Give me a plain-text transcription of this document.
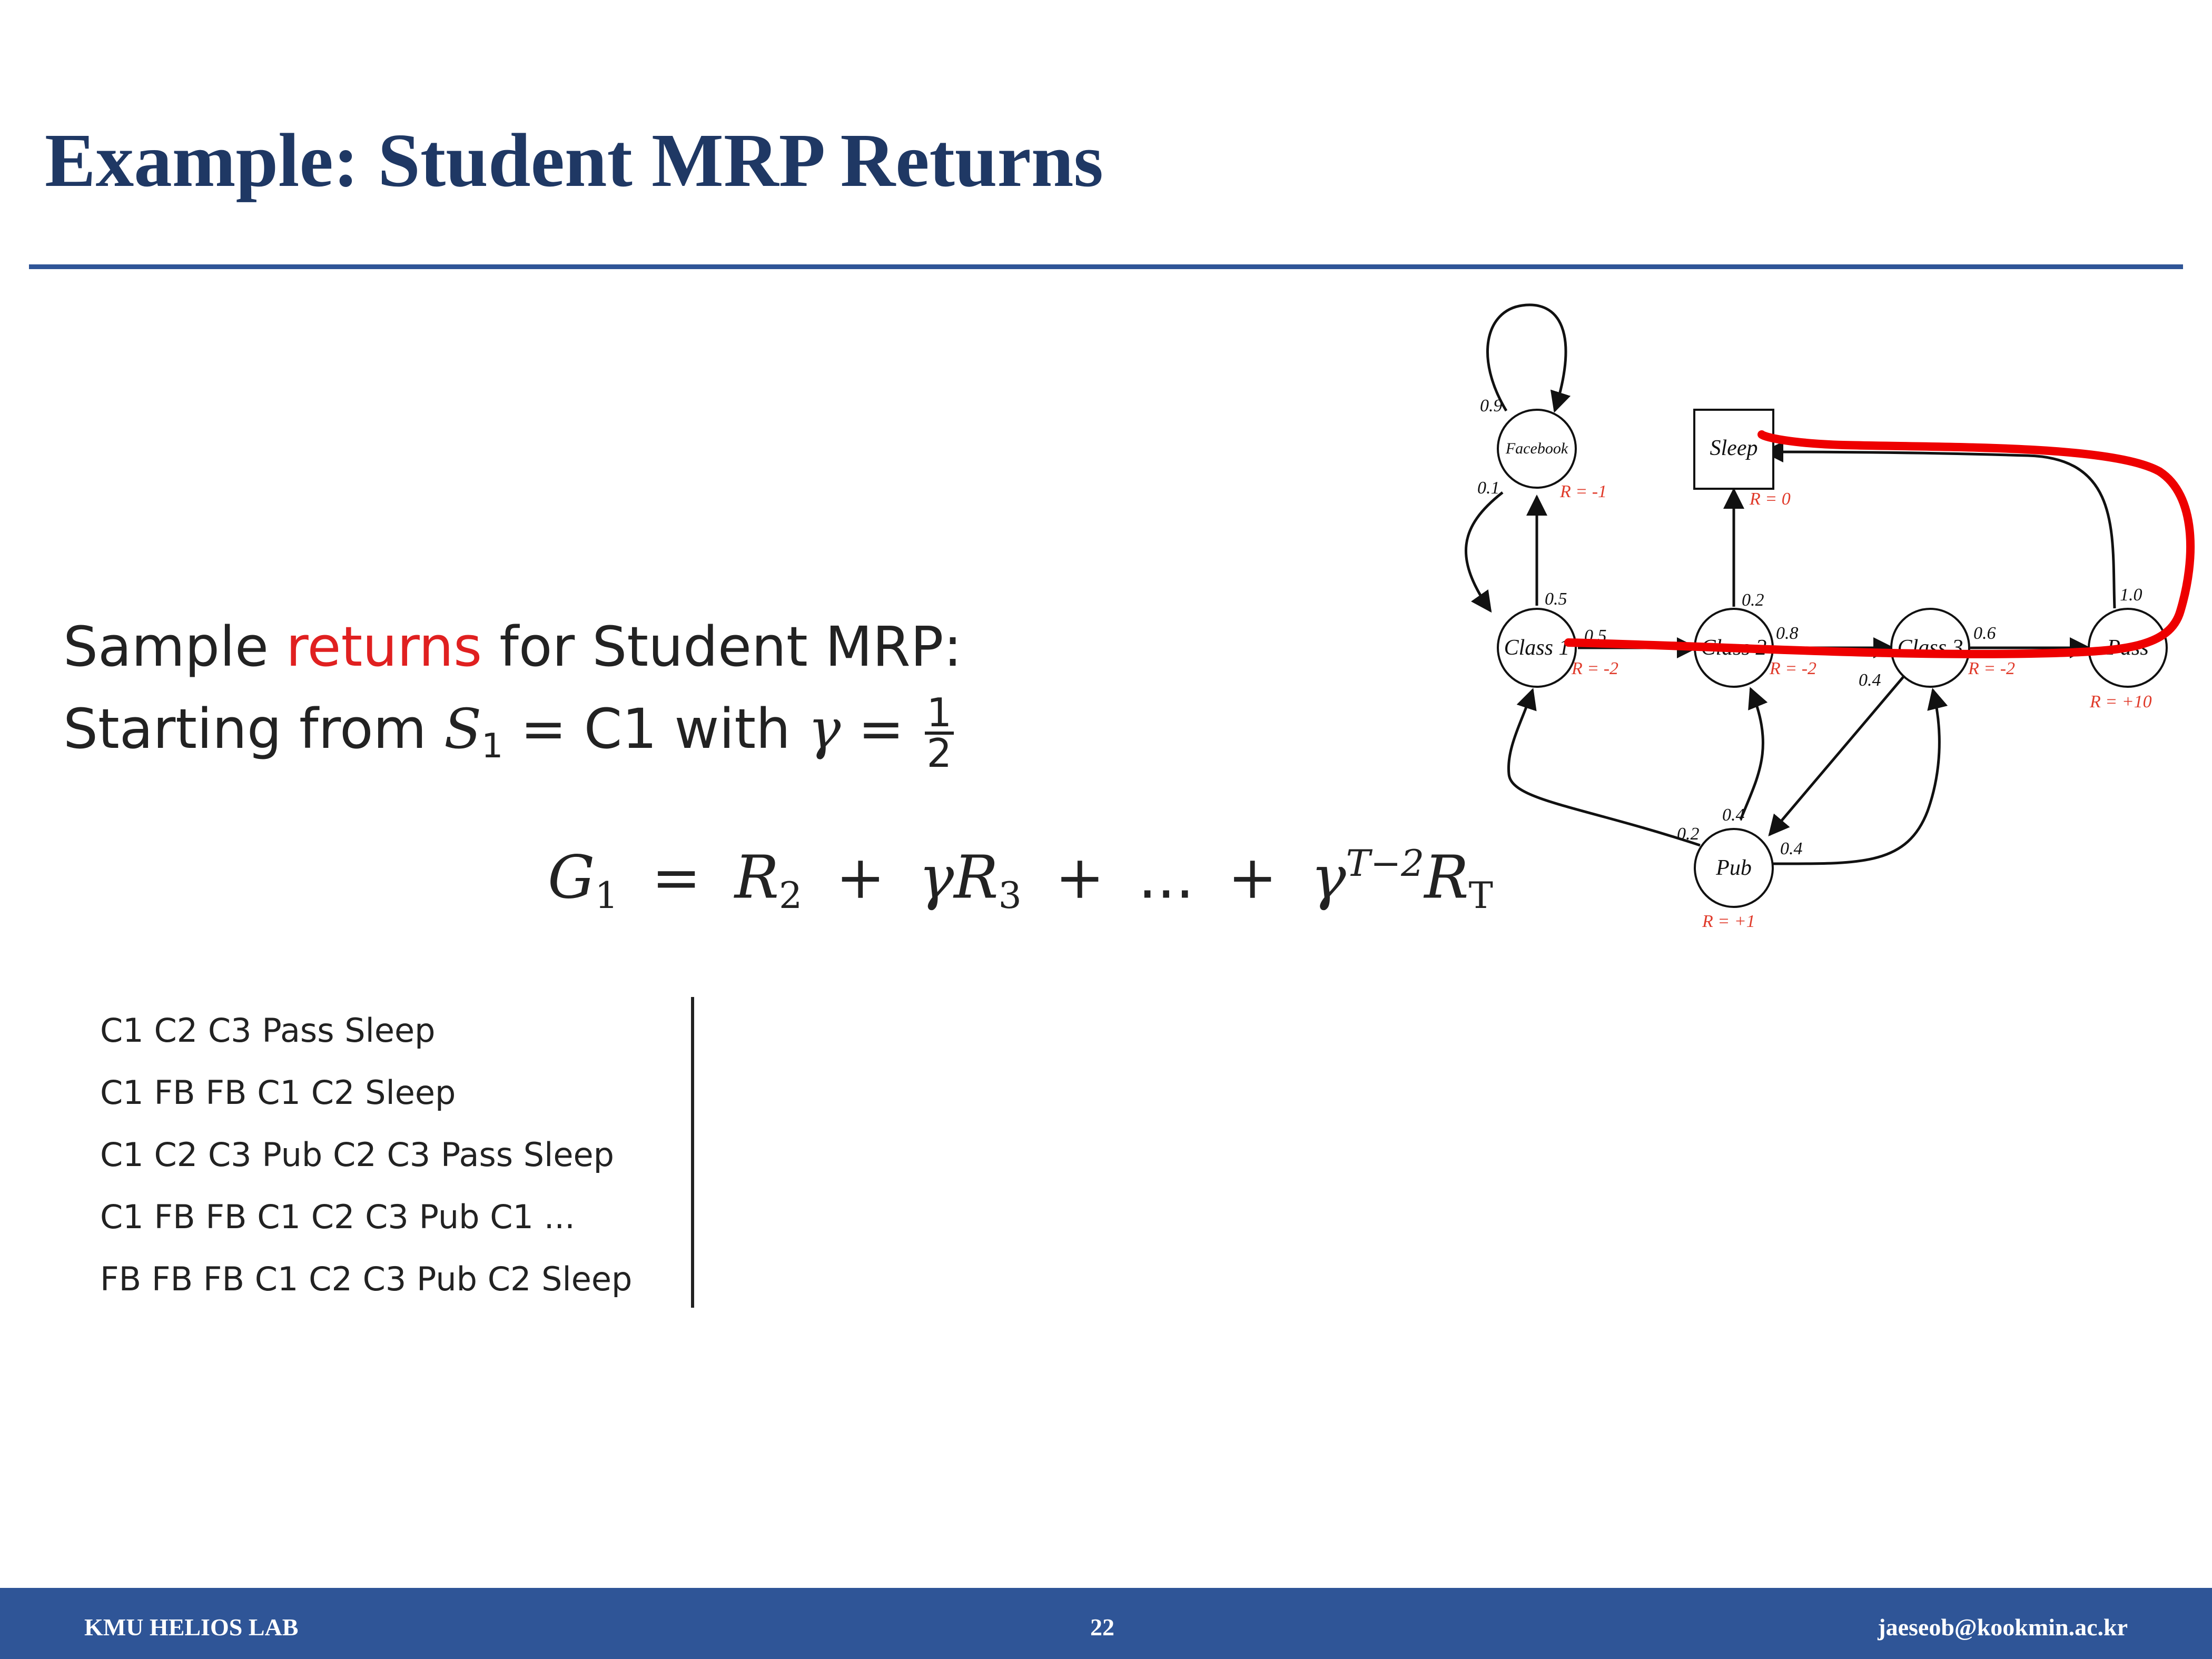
Example: Student MRP Returns
Sample returns for Student MRP:
Starting from $S_1 = C1$ with $\gamma = \frac{1}{2}$
$G_1 = R_2 + \gamma R_3$ + ... + $\gamma^{T-2}R_T$
C1 C2 C3 Pass Sleep
C1 FB FB C1 C2 Sleep
C1 C2 C3 Pub C2 C3 Pass Sleep
C1 FB FB C1 C2 C3 Pub C1 ...
FB FB FB C1 C2 C3 Pub C2 Sleep
Facebook	Sleep
Class 1	Class 2	Class 3	Pass
Pub
R = -1	R = 0
R = -2	R = -2	R = -2
R = +10
R = +1
0.9
0.1
0.5
0.5
0.2
0.8	0.6
0.4
1.0
0.2
0.4
0.4
KMU HELIOS LAB	22	jaeseob@kookmin.ac.kr
